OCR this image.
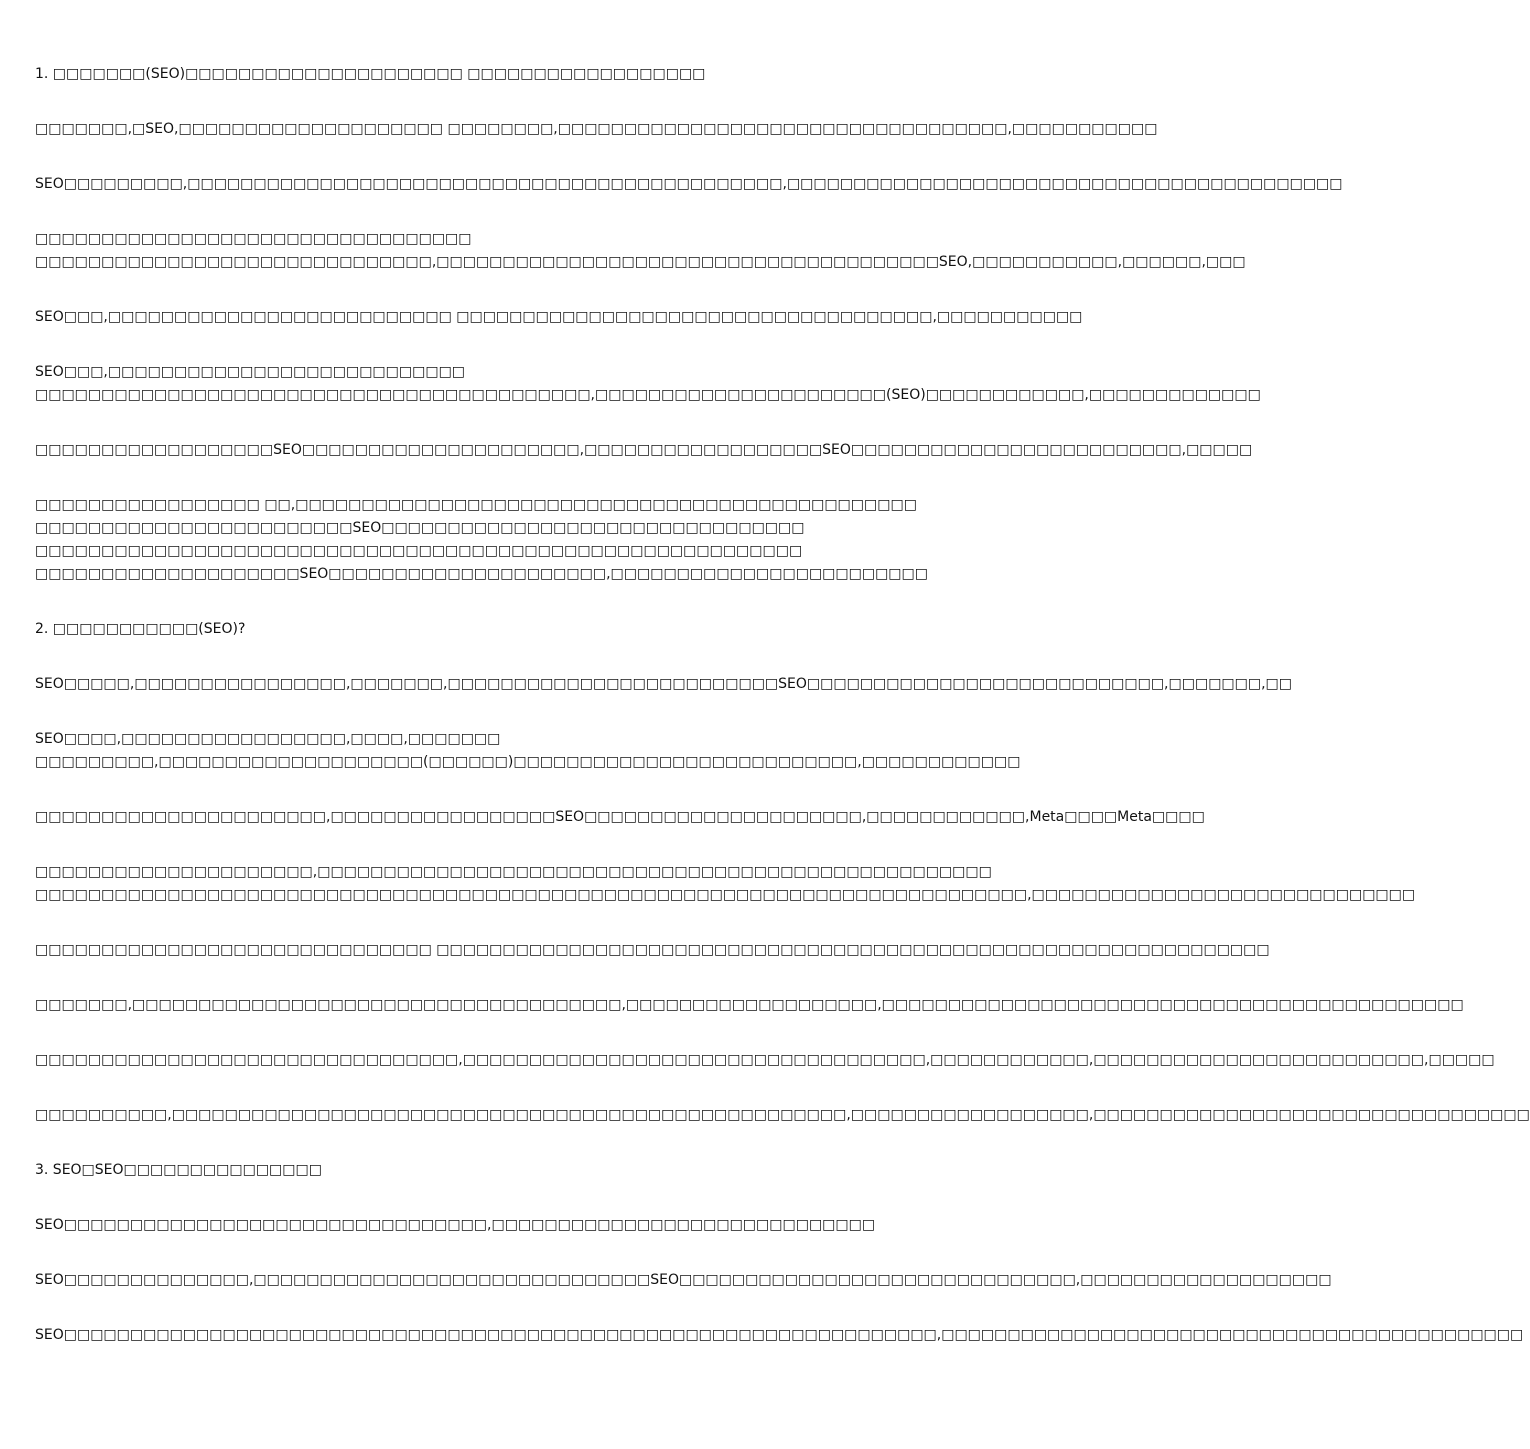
1. □□□□□□□(SEO)□□□□□□□□□□□□□□□□□□□□□ □□□□□□□□□□□□□□□□□□
□□□□□□□,□SEO,□□□□□□□□□□□□□□□□□□□□ □□□□□□□□,□□□□□□□□□□□□□□□□□□□□□□□□□□□□□□□□□□,□□□□□□□□□□□
SEO□□□□□□□□□,□□□□□□□□□□□□□□□□□□□□□□□□□□□□□□□□□□□□□□□□□□□□□,□□□□□□□□□□□□□□□□□□□□□□□□□□□□□□□□□□□□□□□□□□
□□□□□□□□□□□□□□□□□□□□□□□□□□□□□□□□□
□□□□□□□□□□□□□□□□□□□□□□□□□□□□□□,□□□□□□□□□□□□□□□□□□□□□□□□□□□□□□□□□□□□□□SEO,□□□□□□□□□□□,□□□□□□,□□□
SEO□□□,□□□□□□□□□□□□□□□□□□□□□□□□□□ □□□□□□□□□□□□□□□□□□□□□□□□□□□□□□□□□□□□,□□□□□□□□□□□
SEO□□□,□□□□□□□□□□□□□□□□□□□□□□□□□□□
□□□□□□□□□□□□□□□□□□□□□□□□□□□□□□□□□□□□□□□□□□,□□□□□□□□□□□□□□□□□□□□□□(SEO)□□□□□□□□□□□□,□□□□□□□□□□□□□
□□□□□□□□□□□□□□□□□□SEO□□□□□□□□□□□□□□□□□□□□□,□□□□□□□□□□□□□□□□□□SEO□□□□□□□□□□□□□□□□□□□□□□□□□,□□□□□
□□□□□□□□□□□□□□□□□ □□,□□□□□□□□□□□□□□□□□□□□□□□□□□□□□□□□□□□□□□□□□□□□□□□
□□□□□□□□□□□□□□□□□□□□□□□□SEO□□□□□□□□□□□□□□□□□□□□□□□□□□□□□□□□
□□□□□□□□□□□□□□□□□□□□□□□□□□□□□□□□□□□□□□□□□□□□□□□□□□□□□□□□□□
□□□□□□□□□□□□□□□□□□□□SEO□□□□□□□□□□□□□□□□□□□□□,□□□□□□□□□□□□□□□□□□□□□□□□
2. □□□□□□□□□□□(SEO)?
SEO□□□□□,□□□□□□□□□□□□□□□□,□□□□□□□,□□□□□□□□□□□□□□□□□□□□□□□□□SEO□□□□□□□□□□□□□□□□□□□□□□□□□□□,□□□□□□□,□□
SEO□□□□,□□□□□□□□□□□□□□□□□,□□□□,□□□□□□□
□□□□□□□□□,□□□□□□□□□□□□□□□□□□□□(□□□□□□)□□□□□□□□□□□□□□□□□□□□□□□□□□,□□□□□□□□□□□□
□□□□□□□□□□□□□□□□□□□□□□,□□□□□□□□□□□□□□□□□SEO□□□□□□□□□□□□□□□□□□□□□,□□□□□□□□□□□□,Meta□□□□Meta□□□□
□□□□□□□□□□□□□□□□□□□□□,□□□□□□□□□□□□□□□□□□□□□□□□□□□□□□□□□□□□□□□□□□□□□□□□□□□
□□□□□□□□□□□□□□□□□□□□□□□□□□□□□□□□□□□□□□□□□□□□□□□□□□□□□□□□□□□□□□□□□□□□□□□□□□□,□□□□□□□□□□□□□□□□□□□□□□□□□□□□□
□□□□□□□□□□□□□□□□□□□□□□□□□□□□□□ □□□□□□□□□□□□□□□□□□□□□□□□□□□□□□□□□□□□□□□□□□□□□□□□□□□□□□□□□□□□□□□
□□□□□□□,□□□□□□□□□□□□□□□□□□□□□□□□□□□□□□□□□□□□□,□□□□□□□□□□□□□□□□□□□,□□□□□□□□□□□□□□□□□□□□□□□□□□□□□□□□□□□□□□□□□□□□
□□□□□□□□□□□□□□□□□□□□□□□□□□□□□□□□,□□□□□□□□□□□□□□□□□□□□□□□□□□□□□□□□□□□,□□□□□□□□□□□□,□□□□□□□□□□□□□□□□□□□□□□□□□,□□□□□
□□□□□□□□□□,□□□□□□□□□□□□□□□□□□□□□□□□□□□□□□□□□□□□□□□□□□□□□□□□□□□,□□□□□□□□□□□□□□□□□□,□□□□□□□□□□□□□□□□□□□□□□□□□□□□□□□□□
3. SEO□SEO□□□□□□□□□□□□□□□
SEO□□□□□□□□□□□□□□□□□□□□□□□□□□□□□□□□,□□□□□□□□□□□□□□□□□□□□□□□□□□□□□
SEO□□□□□□□□□□□□□□,□□□□□□□□□□□□□□□□□□□□□□□□□□□□□□SEO□□□□□□□□□□□□□□□□□□□□□□□□□□□□□□,□□□□□□□□□□□□□□□□□□□
SEO□□□□□□□□□□□□□□□□□□□□□□□□□□□□□□□□□□□□□□□□□□□□□□□□□□□□□□□□□□□□□□□□□□,□□□□□□□□□□□□□□□□□□□□□□□□□□□□□□□□□□□□□□□□□□□□
